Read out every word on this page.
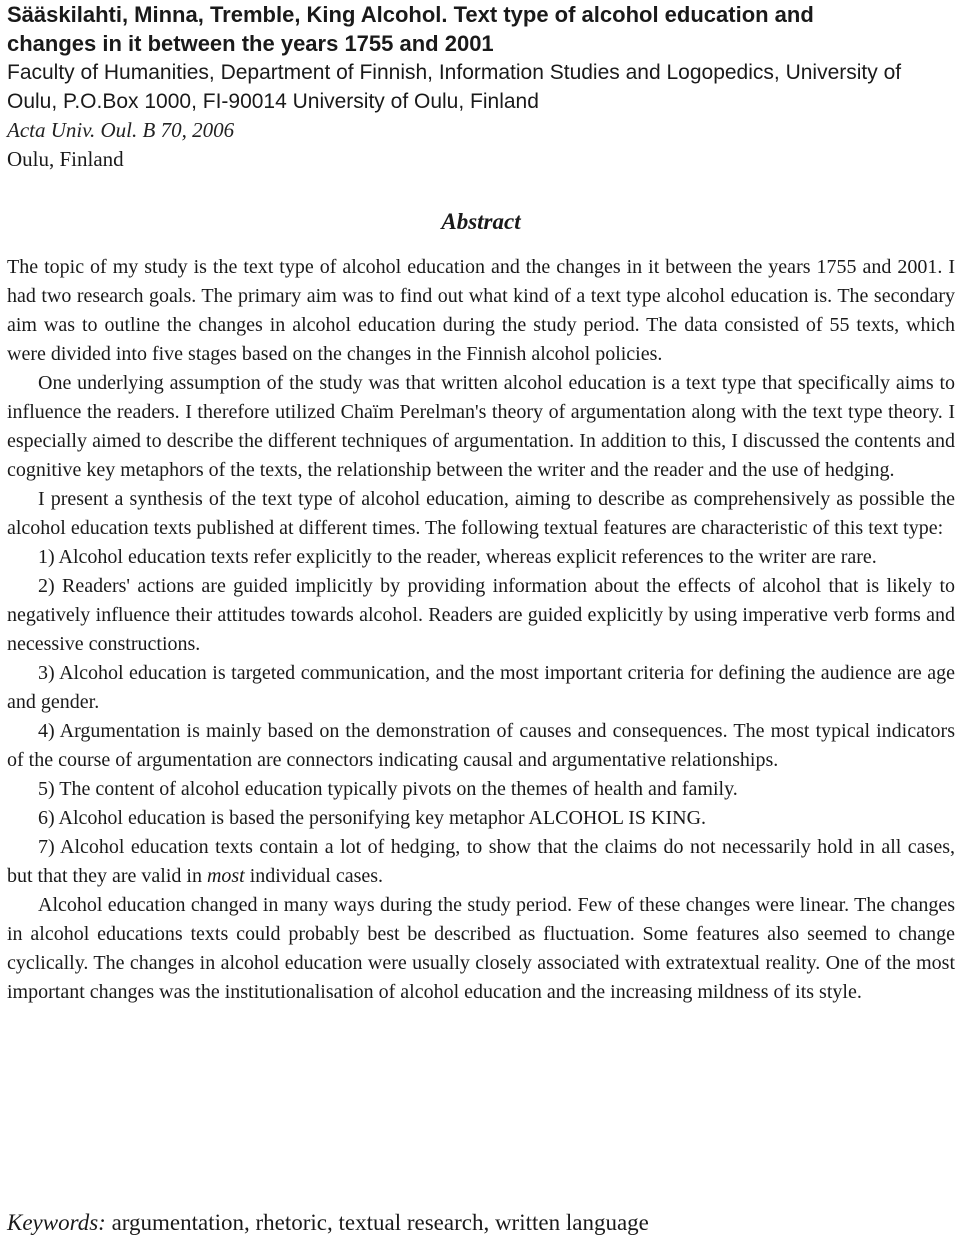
Sääskilahti, Minna, Tremble, King Alcohol. Text type of alcohol education and

changes in it between the years 1755 and 2001

Faculty of Humanities, Department of Finnish, Information Studies and Logopedics, University of

Oulu, P.O.Box 1000, FI-90014 University of Oulu, Finland

Acta Univ. Oul. B 70, 2006

Oulu, Finland

Abstract

The topic of my study is the text type of alcohol education and the changes in it between the years 1755 and 2001. I had two research goals. The primary aim was to find out what kind of a text type alcohol education is. The secondary aim was to outline the changes in alcohol education during the study period. The data consisted of 55 texts, which were divided into five stages based on the changes in the Finnish alcohol policies.

One underlying assumption of the study was that written alcohol education is a text type that specifically aims to influence the readers. I therefore utilized Chaïm Perelman's theory of argumentation along with the text type theory. I especially aimed to describe the different techniques of argumentation. In addition to this, I discussed the contents and cognitive key metaphors of the texts, the relationship between the writer and the reader and the use of hedging.

I present a synthesis of the text type of alcohol education, aiming to describe as comprehensively as possible the alcohol education texts published at different times. The following textual features are characteristic of this text type:

1) Alcohol education texts refer explicitly to the reader, whereas explicit references to the writer are rare.

2) Readers' actions are guided implicitly by providing information about the effects of alcohol that is likely to negatively influence their attitudes towards alcohol. Readers are guided explicitly by using imperative verb forms and necessive constructions.

3) Alcohol education is targeted communication, and the most important criteria for defining the audience are age and gender.

4) Argumentation is mainly based on the demonstration of causes and consequences. The most typical indicators of the course of argumentation are connectors indicating causal and argumentative relationships.

5) The content of alcohol education typically pivots on the themes of health and family.

6) Alcohol education is based the personifying key metaphor ALCOHOL IS KING.

7) Alcohol education texts contain a lot of hedging, to show that the claims do not necessarily hold in all cases, but that they are valid in most individual cases.

Alcohol education changed in many ways during the study period. Few of these changes were linear. The changes in alcohol educations texts could probably best be described as fluctuation. Some features also seemed to change cyclically. The changes in alcohol education were usually closely associated with extratextual reality. One of the most important changes was the institutionalisation of alcohol education and the increasing mildness of its style.

Keywords: argumentation, rhetoric, textual research, written language
